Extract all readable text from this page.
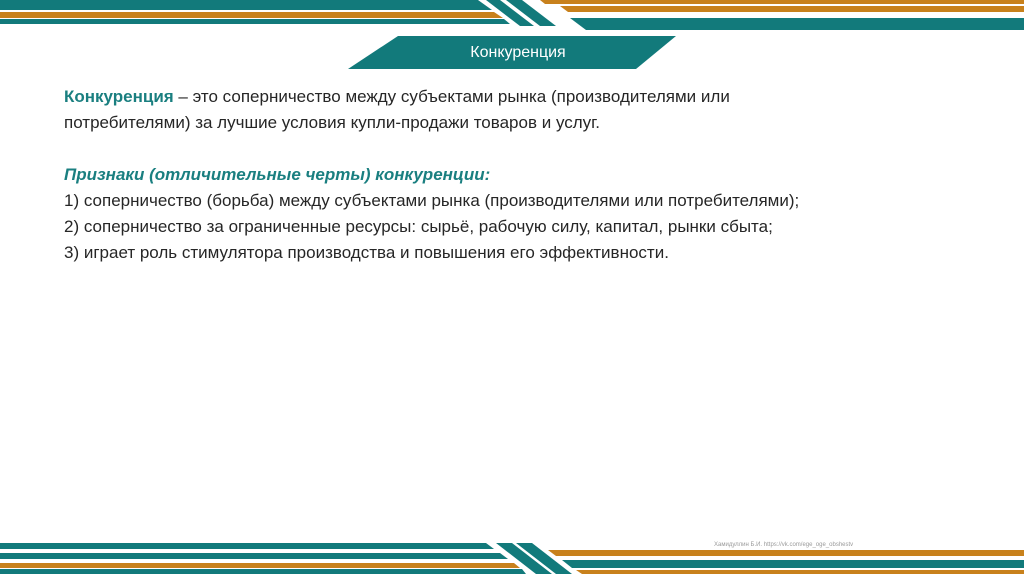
Конкуренция
Конкуренция – это соперничество между субъектами рынка (производителями или
потребителями) за лучшие условия купли-продажи товаров и услуг.
Признаки (отличительные черты) конкуренции:
1) соперничество (борьба) между субъектами рынка (производителями или потребителями);
2) соперничество за ограниченные ресурсы: сырьё, рабочую силу, капитал, рынки сбыта;
3) играет роль стимулятора производства и повышения его эффективности.
Хамидуллин Б.И. https://vk.com/ege_oge_obshestv
